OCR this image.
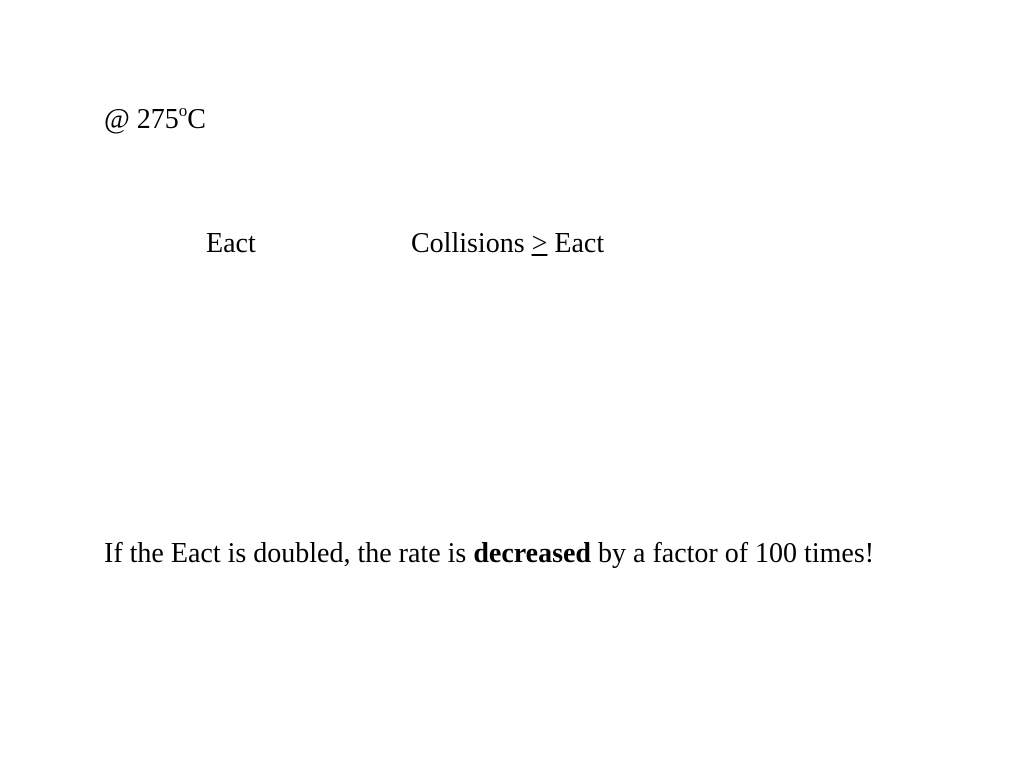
@ 275$^o$C
Eact	Collisions > Eact
If the Eact is doubled, the rate is decreased by a factor of 100 times!
